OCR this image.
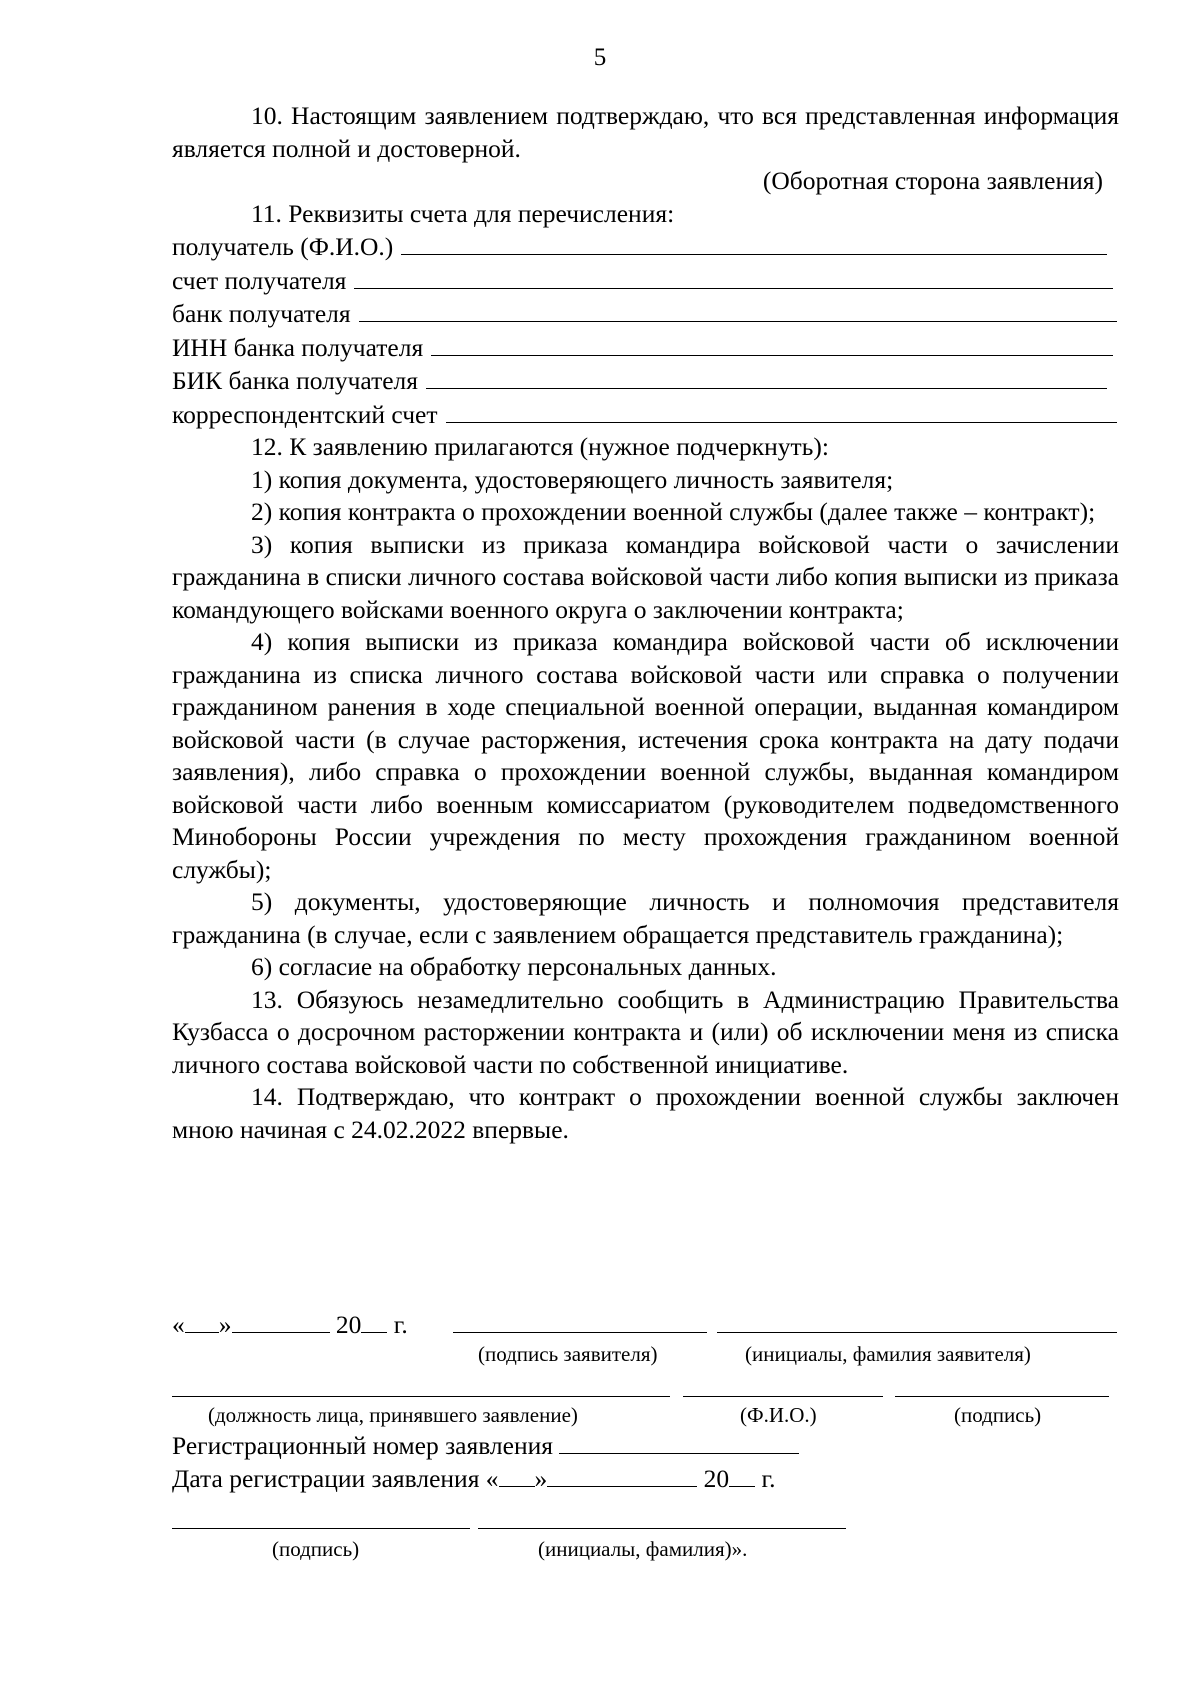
5

10. Настоящим заявлением подтверждаю, что вся представленная информация является полной и достоверной.

(Оборотная сторона заявления)

11. Реквизиты счета для перечисления:

получатель (Ф.И.О.)
счет получателя
банк получателя
ИНН банка получателя
БИК банка получателя
корреспондентский счет

12. К заявлению прилагаются (нужное подчеркнуть):

1) копия документа, удостоверяющего личность заявителя;

2) копия контракта о прохождении военной службы (далее также – контракт);

3) копия выписки из приказа командира войсковой части о зачислении гражданина в списки личного состава войсковой части либо копия выписки из приказа командующего войсками военного округа о заключении контракта;

4) копия выписки из приказа командира войсковой части об исключении гражданина из списка личного состава войсковой части или справка о получении гражданином ранения в ходе специальной военной операции, выданная командиром войсковой части (в случае расторжения, истечения срока контракта на дату подачи заявления), либо справка о прохождении военной службы, выданная командиром войсковой части либо военным комиссариатом (руководителем подведомственного Минобороны России учреждения по месту прохождения гражданином военной службы);

5) документы, удостоверяющие личность и полномочия представителя гражданина (в случае, если с заявлением обращается представитель гражданина);

6) согласие на обработку персональных данных.

13. Обязуюсь незамедлительно сообщить в Администрацию Правительства Кузбасса о досрочном расторжении контракта и (или) об исключении меня из списка личного состава войсковой части по собственной инициативе.

14. Подтверждаю, что контракт о прохождении военной службы заключен мною начиная с 24.02.2022 впервые.

« »	20 г.
(подпись заявителя)	(инициалы, фамилия заявителя)
(должность лица, принявшего заявление)	(Ф.И.О.)	(подпись)
Регистрационный номер заявления
Дата регистрации заявления « »	20 г.
(подпись)	(инициалы, фамилия)».
